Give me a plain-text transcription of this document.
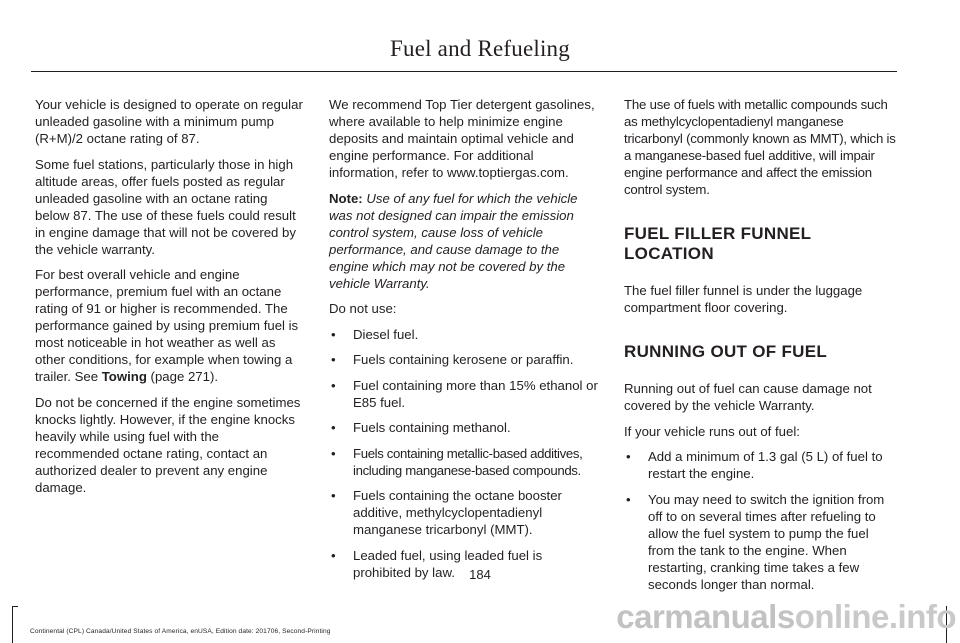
Fuel and Refueling

Your vehicle is designed to operate on regular unleaded gasoline with a minimum pump (R+M)/2 octane rating of 87.

Some fuel stations, particularly those in high altitude areas, offer fuels posted as regular unleaded gasoline with an octane rating below 87. The use of these fuels could result in engine damage that will not be covered by the vehicle warranty.

For best overall vehicle and engine performance, premium fuel with an octane rating of 91 or higher is recommended. The performance gained by using premium fuel is most noticeable in hot weather as well as other conditions, for example when towing a trailer. See Towing (page 271).

Do not be concerned if the engine sometimes knocks lightly. However, if the engine knocks heavily while using fuel with the recommended octane rating, contact an authorized dealer to prevent any engine damage.

We recommend Top Tier detergent gasolines, where available to help minimize engine deposits and maintain optimal vehicle and engine performance. For additional information, refer to www.toptiergas.com.

Note: Use of any fuel for which the vehicle was not designed can impair the emission control system, cause loss of vehicle performance, and cause damage to the engine which may not be covered by the vehicle Warranty.

Do not use:

• Diesel fuel.
• Fuels containing kerosene or paraffin.
• Fuel containing more than 15% ethanol or E85 fuel.
• Fuels containing methanol.
• Fuels containing metallic-based additives, including manganese-based compounds.
• Fuels containing the octane booster additive, methylcyclopentadienyl manganese tricarbonyl (MMT).
• Leaded fuel, using leaded fuel is prohibited by law.

The use of fuels with metallic compounds such as methylcyclopentadienyl manganese tricarbonyl (commonly known as MMT), which is a manganese-based fuel additive, will impair engine performance and affect the emission control system.

FUEL FILLER FUNNEL LOCATION

The fuel filler funnel is under the luggage compartment floor covering.

RUNNING OUT OF FUEL

Running out of fuel can cause damage not covered by the vehicle Warranty.

If your vehicle runs out of fuel:

• Add a minimum of 1.3 gal (5 L) of fuel to restart the engine.
• You may need to switch the ignition from off to on several times after refueling to allow the fuel system to pump the fuel from the tank to the engine. When restarting, cranking time takes a few seconds longer than normal.
184
Continental (CPL) Canada/United States of America, enUSA, Edition date: 201706, Second-Printing	carmanualsonline.info
